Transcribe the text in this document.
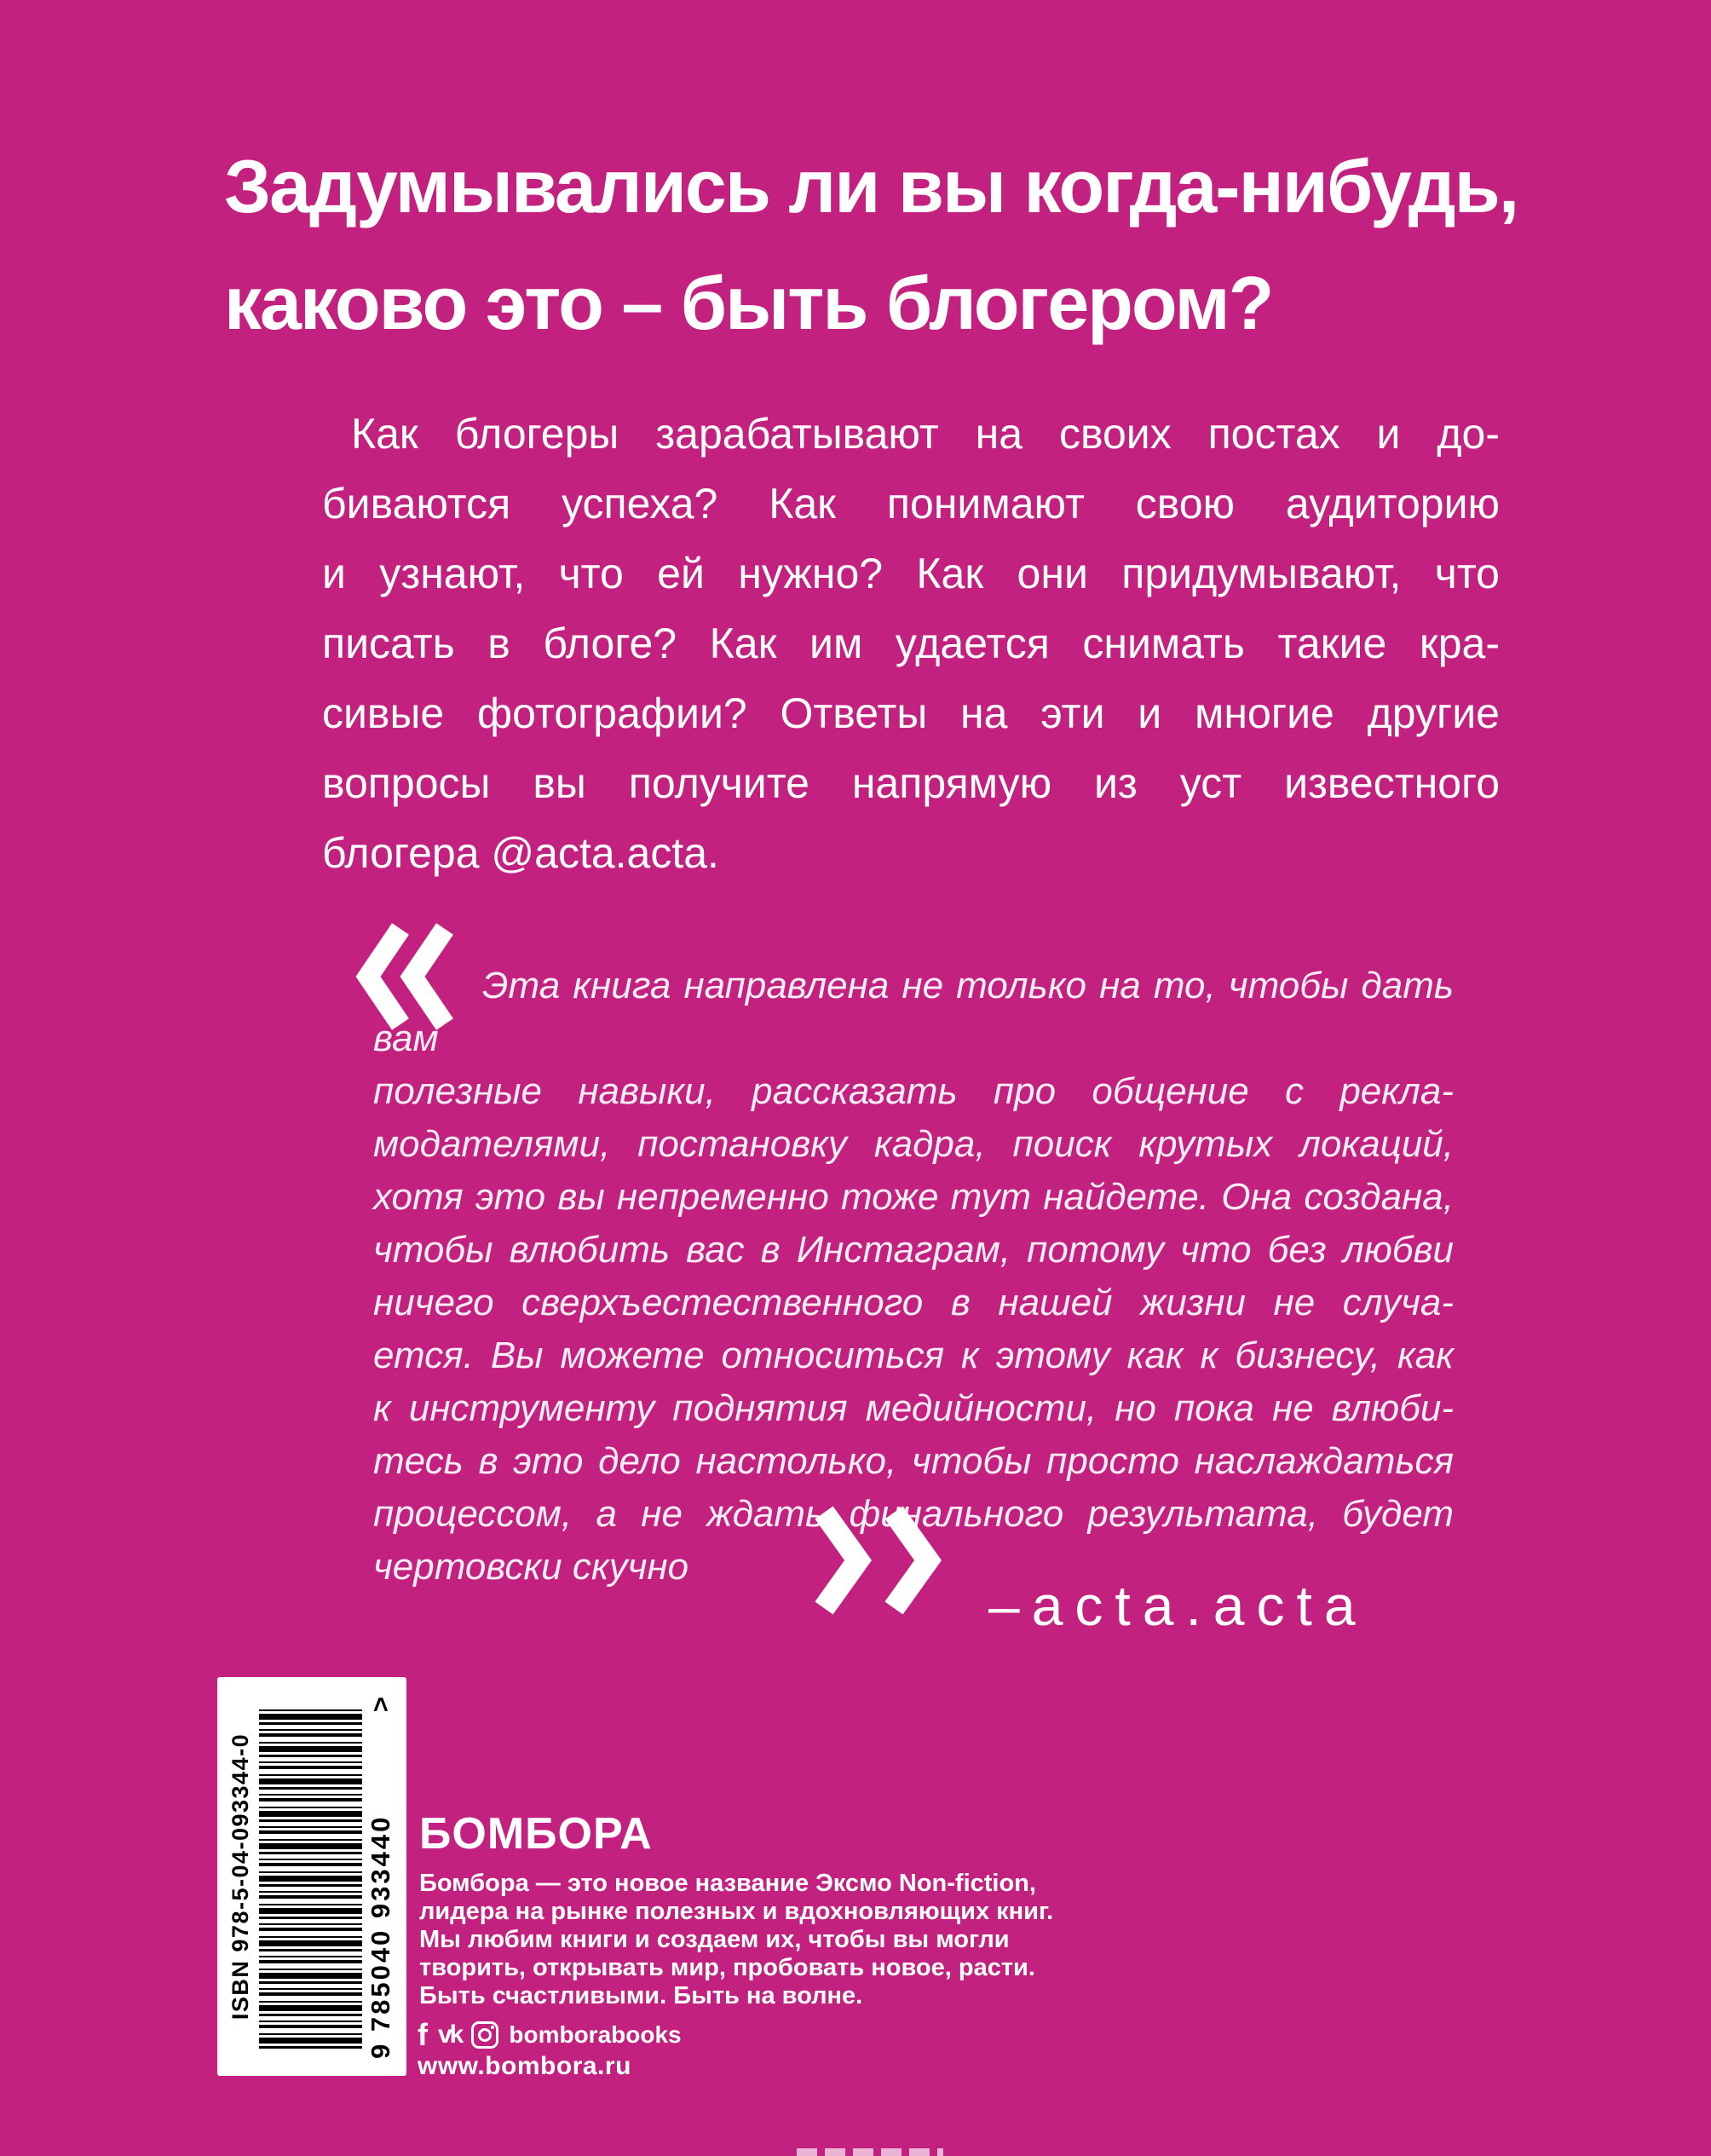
Задумывались ли вы когда-нибудь,
каково это – быть блогером?
Как блогеры зарабатывают на своих постах и до-
биваются успеха? Как понимают свою аудиторию
и узнают, что ей нужно? Как они придумывают, что
писать в блоге? Как им удается снимать такие кра-
сивые фотографии? Ответы на эти и многие другие
вопросы вы получите напрямую из уст известного
блогера @acta.acta.
Эта книга направлена не только на то, чтобы дать вам
полезные навыки, рассказать про общение с рекла-
модателями, постановку кадра, поиск крутых локаций,
хотя это вы непременно тоже тут найдете. Она создана,
чтобы влюбить вас в Инстаграм, потому что без любви
ничего сверхъестественного в нашей жизни не случа-
ется. Вы можете относиться к этому как к бизнесу, как
к инструменту поднятия медийности, но пока не влюби-
тесь в это дело настолько, чтобы просто наслаждаться
процессом, а не ждать финального результата, будет
чертовски скучно
–acta.acta
ISBN 978-5-04-093344-0	9 785040 933440
>
БОМБОРА
Бомбора — это новое название Эксмо Non-fiction,
лидера на рынке полезных и вдохновляющих книг.
Мы любим книги и создаем их, чтобы вы могли
творить, открывать мир, пробовать новое, расти.
Быть счастливыми. Быть на волне.
f vk bomborabooks
www.bombora.ru
